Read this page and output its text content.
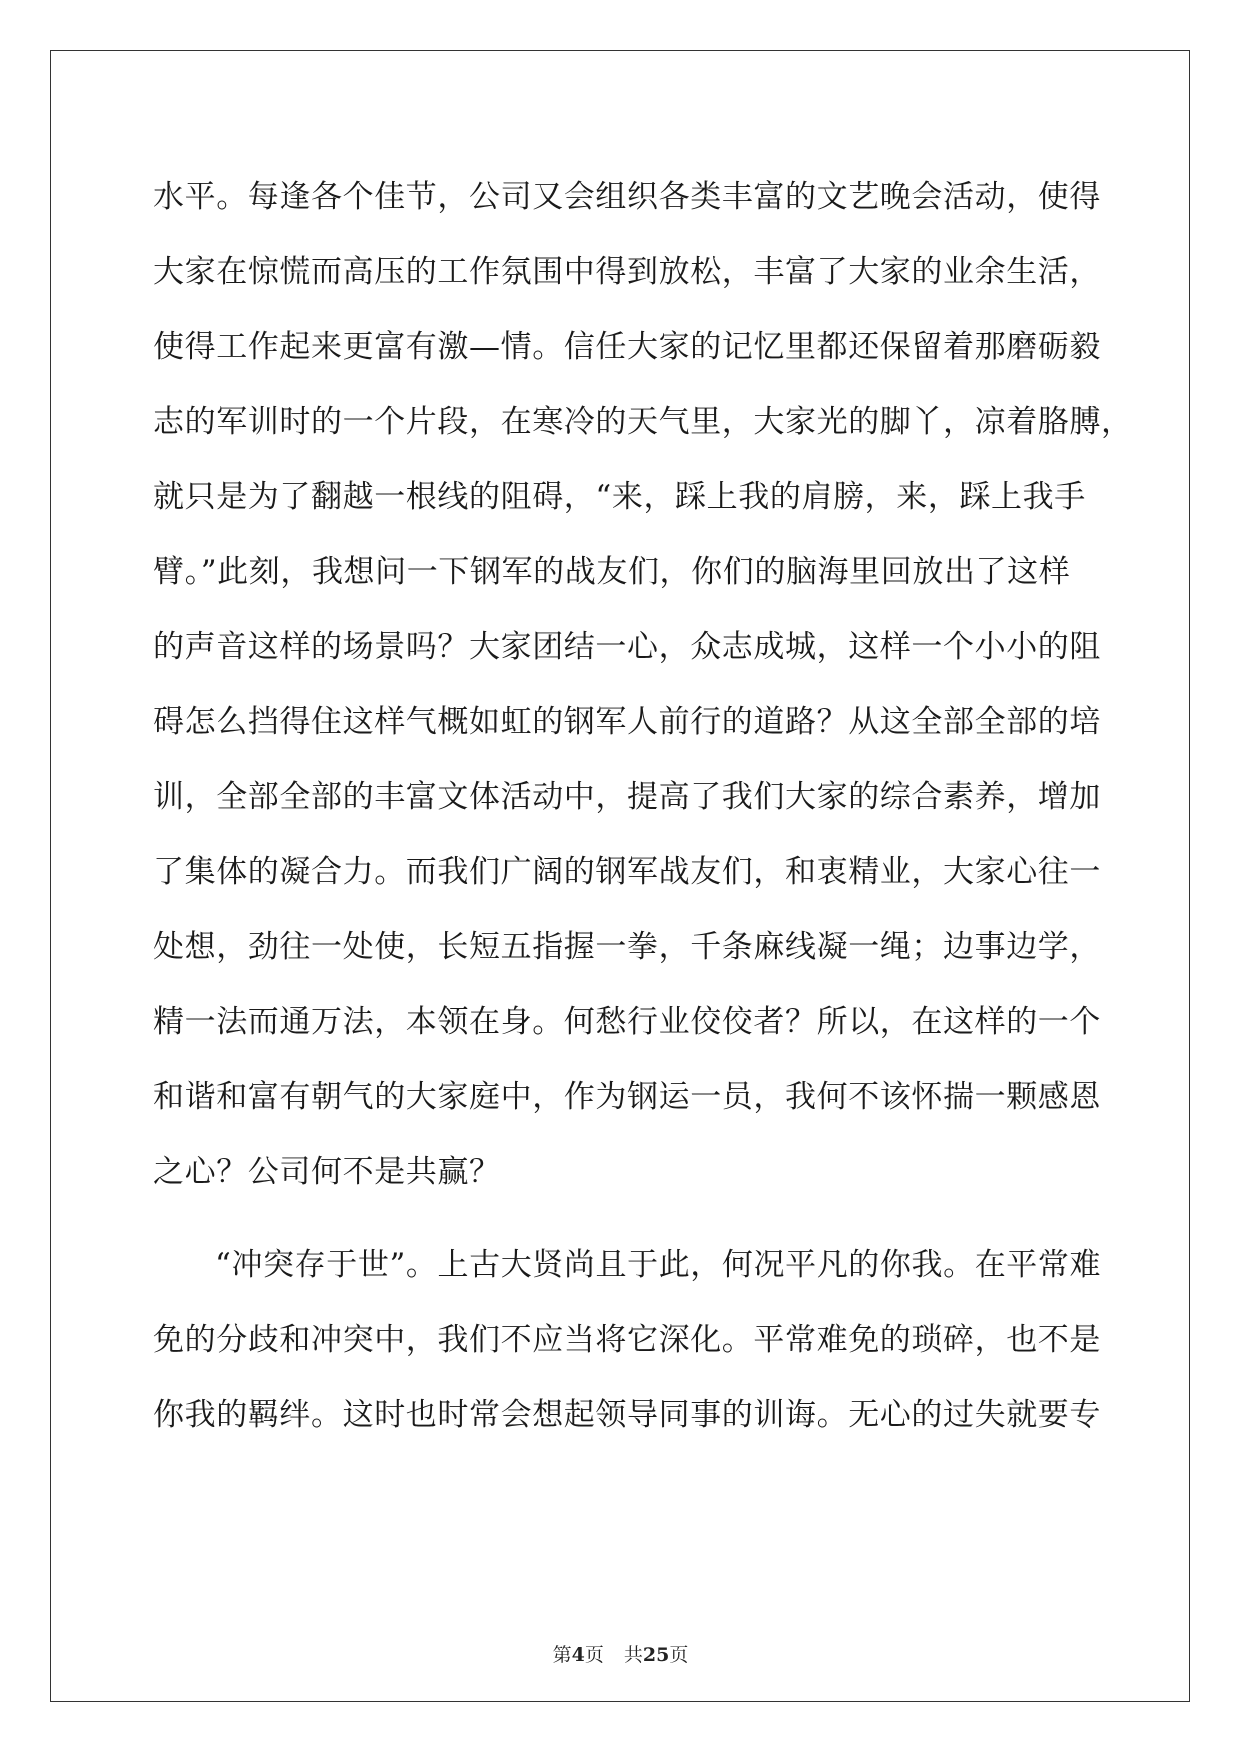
水平。每逢各个佳节，公司又会组织各类丰富的文艺晚会活动，使得
大家在惊慌而高压的工作氛围中得到放松，丰富了大家的业余生活，
使得工作起来更富有激—情。信任大家的记忆里都还保留着那磨砺毅
志的军训时的一个片段，在寒冷的天气里，大家光的脚丫，凉着胳膊，
就只是为了翻越一根线的阻碍，“来，踩上我的肩膀，来，踩上我手
臂。”此刻，我想问一下钢军的战友们，你们的脑海里回放出了这样
的声音这样的场景吗？大家团结一心，众志成城，这样一个小小的阻
碍怎么挡得住这样气概如虹的钢军人前行的道路？从这全部全部的培
训，全部全部的丰富文体活动中，提高了我们大家的综合素养，增加
了集体的凝合力。而我们广阔的钢军战友们，和衷精业，大家心往一
处想，劲往一处使，长短五指握一拳，千条麻线凝一绳；边事边学，
精一法而通万法，本领在身。何愁行业佼佼者？所以，在这样的一个
和谐和富有朝气的大家庭中，作为钢运一员，我何不该怀揣一颗感恩
之心？公司何不是共赢？
“冲突存于世”。上古大贤尚且于此，何况平凡的你我。在平常难
免的分歧和冲突中，我们不应当将它深化。平常难免的琐碎，也不是
你我的羁绊。这时也时常会想起领导同事的训诲。无心的过失就要专
第4页 共25页
